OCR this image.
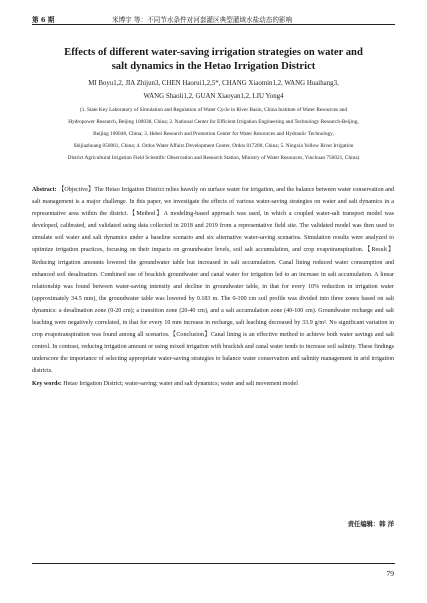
第 6 期	米博宇 等：不同节水条件对河套灌区典型灌域水盐动态的影响
Effects of different water-saving irrigation strategies on water and
salt dynamics in the Hetao Irrigation District
MI Boyu1,2, JIA Zhijun3, CHEN Haorui1,2,5*, CHANG Xiaomin1,2, WANG Huaihang3,
WANG Shaoli1,2, GUAN Xiaoyan1,2, LIU Yong4
(1. State Key Laboratory of Simulation and Regulation of Water Cycle in River Basin, China Institute of Water Resources and
Hydropower Research, Beijing 100038, China; 2. National Center for Efficient Irrigation Engineering and Technology Research-Beijing,
Beijing 100048, China; 3. Hebei Research and Promotion Center for Water Resources and Hydraulic Technology,
Shijiazhuang 050061, China; 4. Ordos Water Affairs Development Center, Ordos 017200, China; 5. Ningxia Yellow River Irrigation
District Agricultural Irrigation Field Scientific Observation and Research Station, Ministry of Water Resources, Yinchuan 750021, China)

Abstract: 【Objective】The Hetao Irrigation District relies heavily on surface water for irrigation, and the balance between water conservation and salt management is a major challenge. In this paper, we investigate the effects of various water-saving strategies on water and salt dynamics in a representative area within the district.【Method】A modeling-based approach was used, in which a coupled water-salt transport model was developed, calibrated, and validated using data collected in 2018 and 2019 from a representative field site. The validated model was then used to simulate soil water and salt dynamics under a baseline scenario and six alternative water-saving scenarios. Simulation results were analyzed to optimize irrigation practices, focusing on their impacts on groundwater levels, soil salt accumulation, and crop evapotranspiration.【Result】Reducing irrigation amounts lowered the groundwater table but increased in salt accumulation. Canal lining reduced water consumption and enhanced soil desalination. Combined use of brackish groundwater and canal water for irrigation led to an increase in salt accumulation. A linear relationship was found between water-saving intensity and decline in groundwater table, in that for every 10% reduction in irrigation water (approximately 34.5 mm), the groundwater table was lowered by 0.183 m. The 0-100 cm soil profile was divided into three zones based on salt dynamics: a desalination zone (0-20 cm); a transition zone (20-40 cm), and a salt accumulation zone (40-100 cm). Groundwater recharge and salt leaching were negatively correlated, in that for every 10 mm increase in recharge, salt leaching decreased by 33.9 g/m². No significant variation in crop evapotranspiration was found among all scenarios.【Conclusion】Canal lining is an effective method to achieve both water savings and salt control. In contrast, reducing irrigation amount or using mixed irrigation with brackish and canal water tends to increase soil salinity. These findings underscore the importance of selecting appropriate water-saving strategies to balance water conservation and salinity management in arid irrigation districts.

Key words: Hetao Irrigation District; water-saving; water and salt dynamics; water and salt movement model

责任编辑：韩 洋
79
